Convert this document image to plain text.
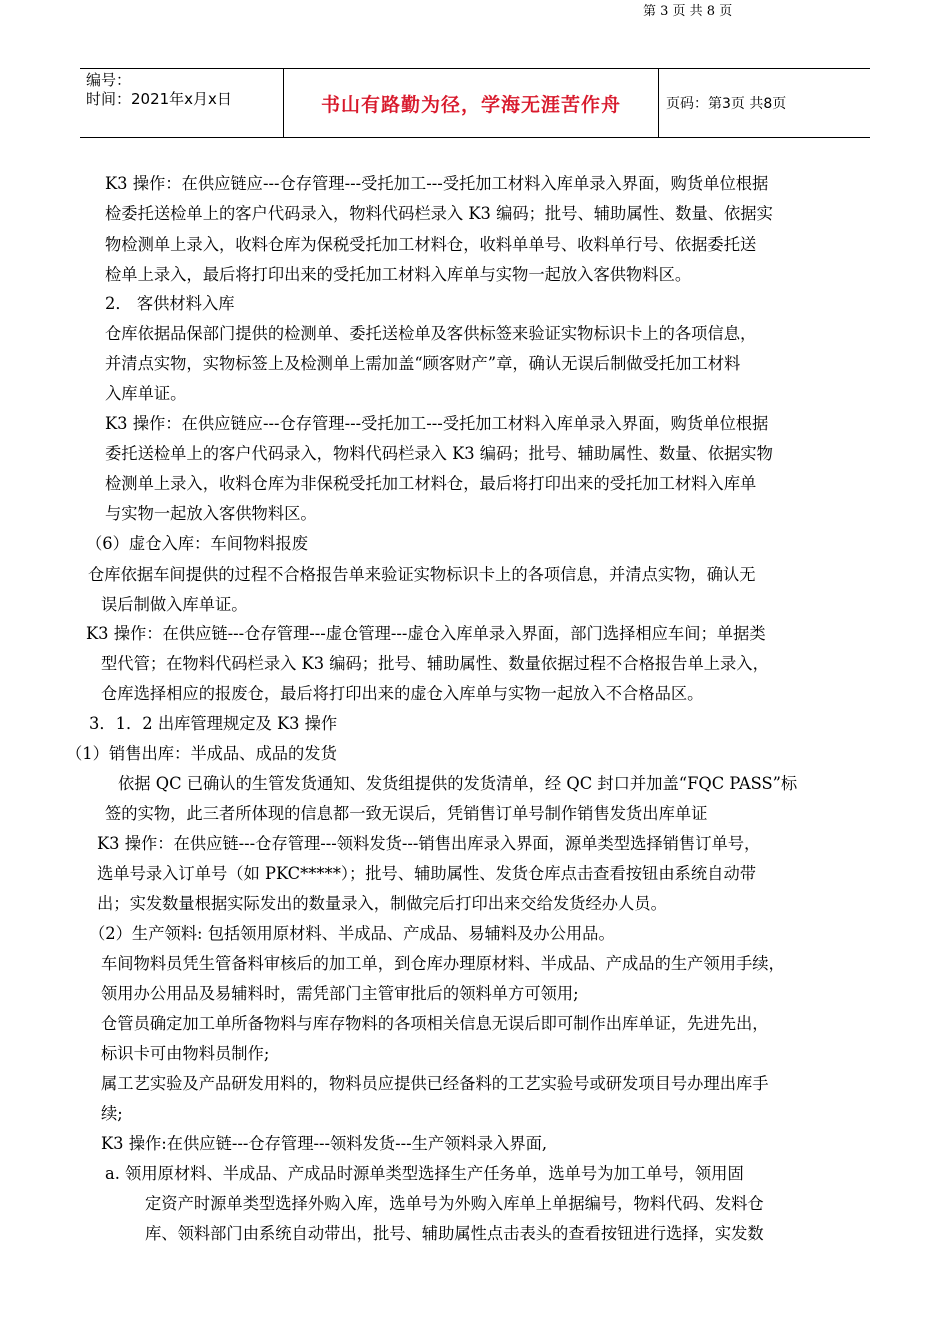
编号：
时间：2021年x月x日	书山有路勤为径，学海无涯苦作舟	页码：第3页 共8页
K3 操作：在供应链应---仓存管理---受托加工---受托加工材料入库单录入界面，购货单位根据
检委托送检单上的客户代码录入，物料代码栏录入 K3 编码；批号、辅助属性、数量、依据实
物检测单上录入，收料仓库为保税受托加工材料仓，收料单单号、收料单行号、依据委托送
检单上录入，最后将打印出来的受托加工材料入库单与实物一起放入客供物料区。
2． 客供材料入库
仓库依据品保部门提供的检测单、委托送检单及客供标签来验证实物标识卡上的各项信息，
并清点实物，实物标签上及检测单上需加盖“顾客财产”章，确认无误后制做受托加工材料
入库单证。
K3 操作：在供应链应---仓存管理---受托加工---受托加工材料入库单录入界面，购货单位根据
委托送检单上的客户代码录入，物料代码栏录入 K3 编码；批号、辅助属性、数量、依据实物
检测单上录入，收料仓库为非保税受托加工材料仓，最后将打印出来的受托加工材料入库单
与实物一起放入客供物料区。
（6）虚仓入库：车间物料报废
仓库依据车间提供的过程不合格报告单来验证实物标识卡上的各项信息，并清点实物，确认无
误后制做入库单证。
K3 操作：在供应链---仓存管理---虚仓管理---虚仓入库单录入界面，部门选择相应车间；单据类
型代管；在物料代码栏录入 K3 编码；批号、辅助属性、数量依据过程不合格报告单上录入，
仓库选择相应的报废仓，最后将打印出来的虚仓入库单与实物一起放入不合格品区。
3．1．2 出库管理规定及 K3 操作
（1）销售出库：半成品、成品的发货
依据 QC 已确认的生管发货通知、发货组提供的发货清单，经 QC 封口并加盖“FQC PASS”标
签的实物，此三者所体现的信息都一致无误后，凭销售订单号制作销售发货出库单证
K3 操作：在供应链---仓存管理---领料发货---销售出库录入界面，源单类型选择销售订单号，
选单号录入订单号（如 PKC*****）；批号、辅助属性、发货仓库点击查看按钮由系统自动带
出；实发数量根据实际发出的数量录入，制做完后打印出来交给发货经办人员。
（2）生产领料: 包括领用原材料、半成品、产成品、易辅料及办公用品。
车间物料员凭生管备料审核后的加工单，到仓库办理原材料、半成品、产成品的生产领用手续，
领用办公用品及易辅料时，需凭部门主管审批后的领料单方可领用;
仓管员确定加工单所备物料与库存物料的各项相关信息无误后即可制作出库单证，先进先出，
标识卡可由物料员制作;
属工艺实验及产品研发用料的，物料员应提供已经备料的工艺实验号或研发项目号办理出库手
续;
K3 操作:在供应链---仓存管理---领料发货---生产领料录入界面,
a. 领用原材料、半成品、产成品时源单类型选择生产任务单，选单号为加工单号，领用固
定资产时源单类型选择外购入库，选单号为外购入库单上单据编号，物料代码、发料仓
库、领料部门由系统自动带出，批号、辅助属性点击表头的查看按钮进行选择，实发数
第 3 页 共 8 页
